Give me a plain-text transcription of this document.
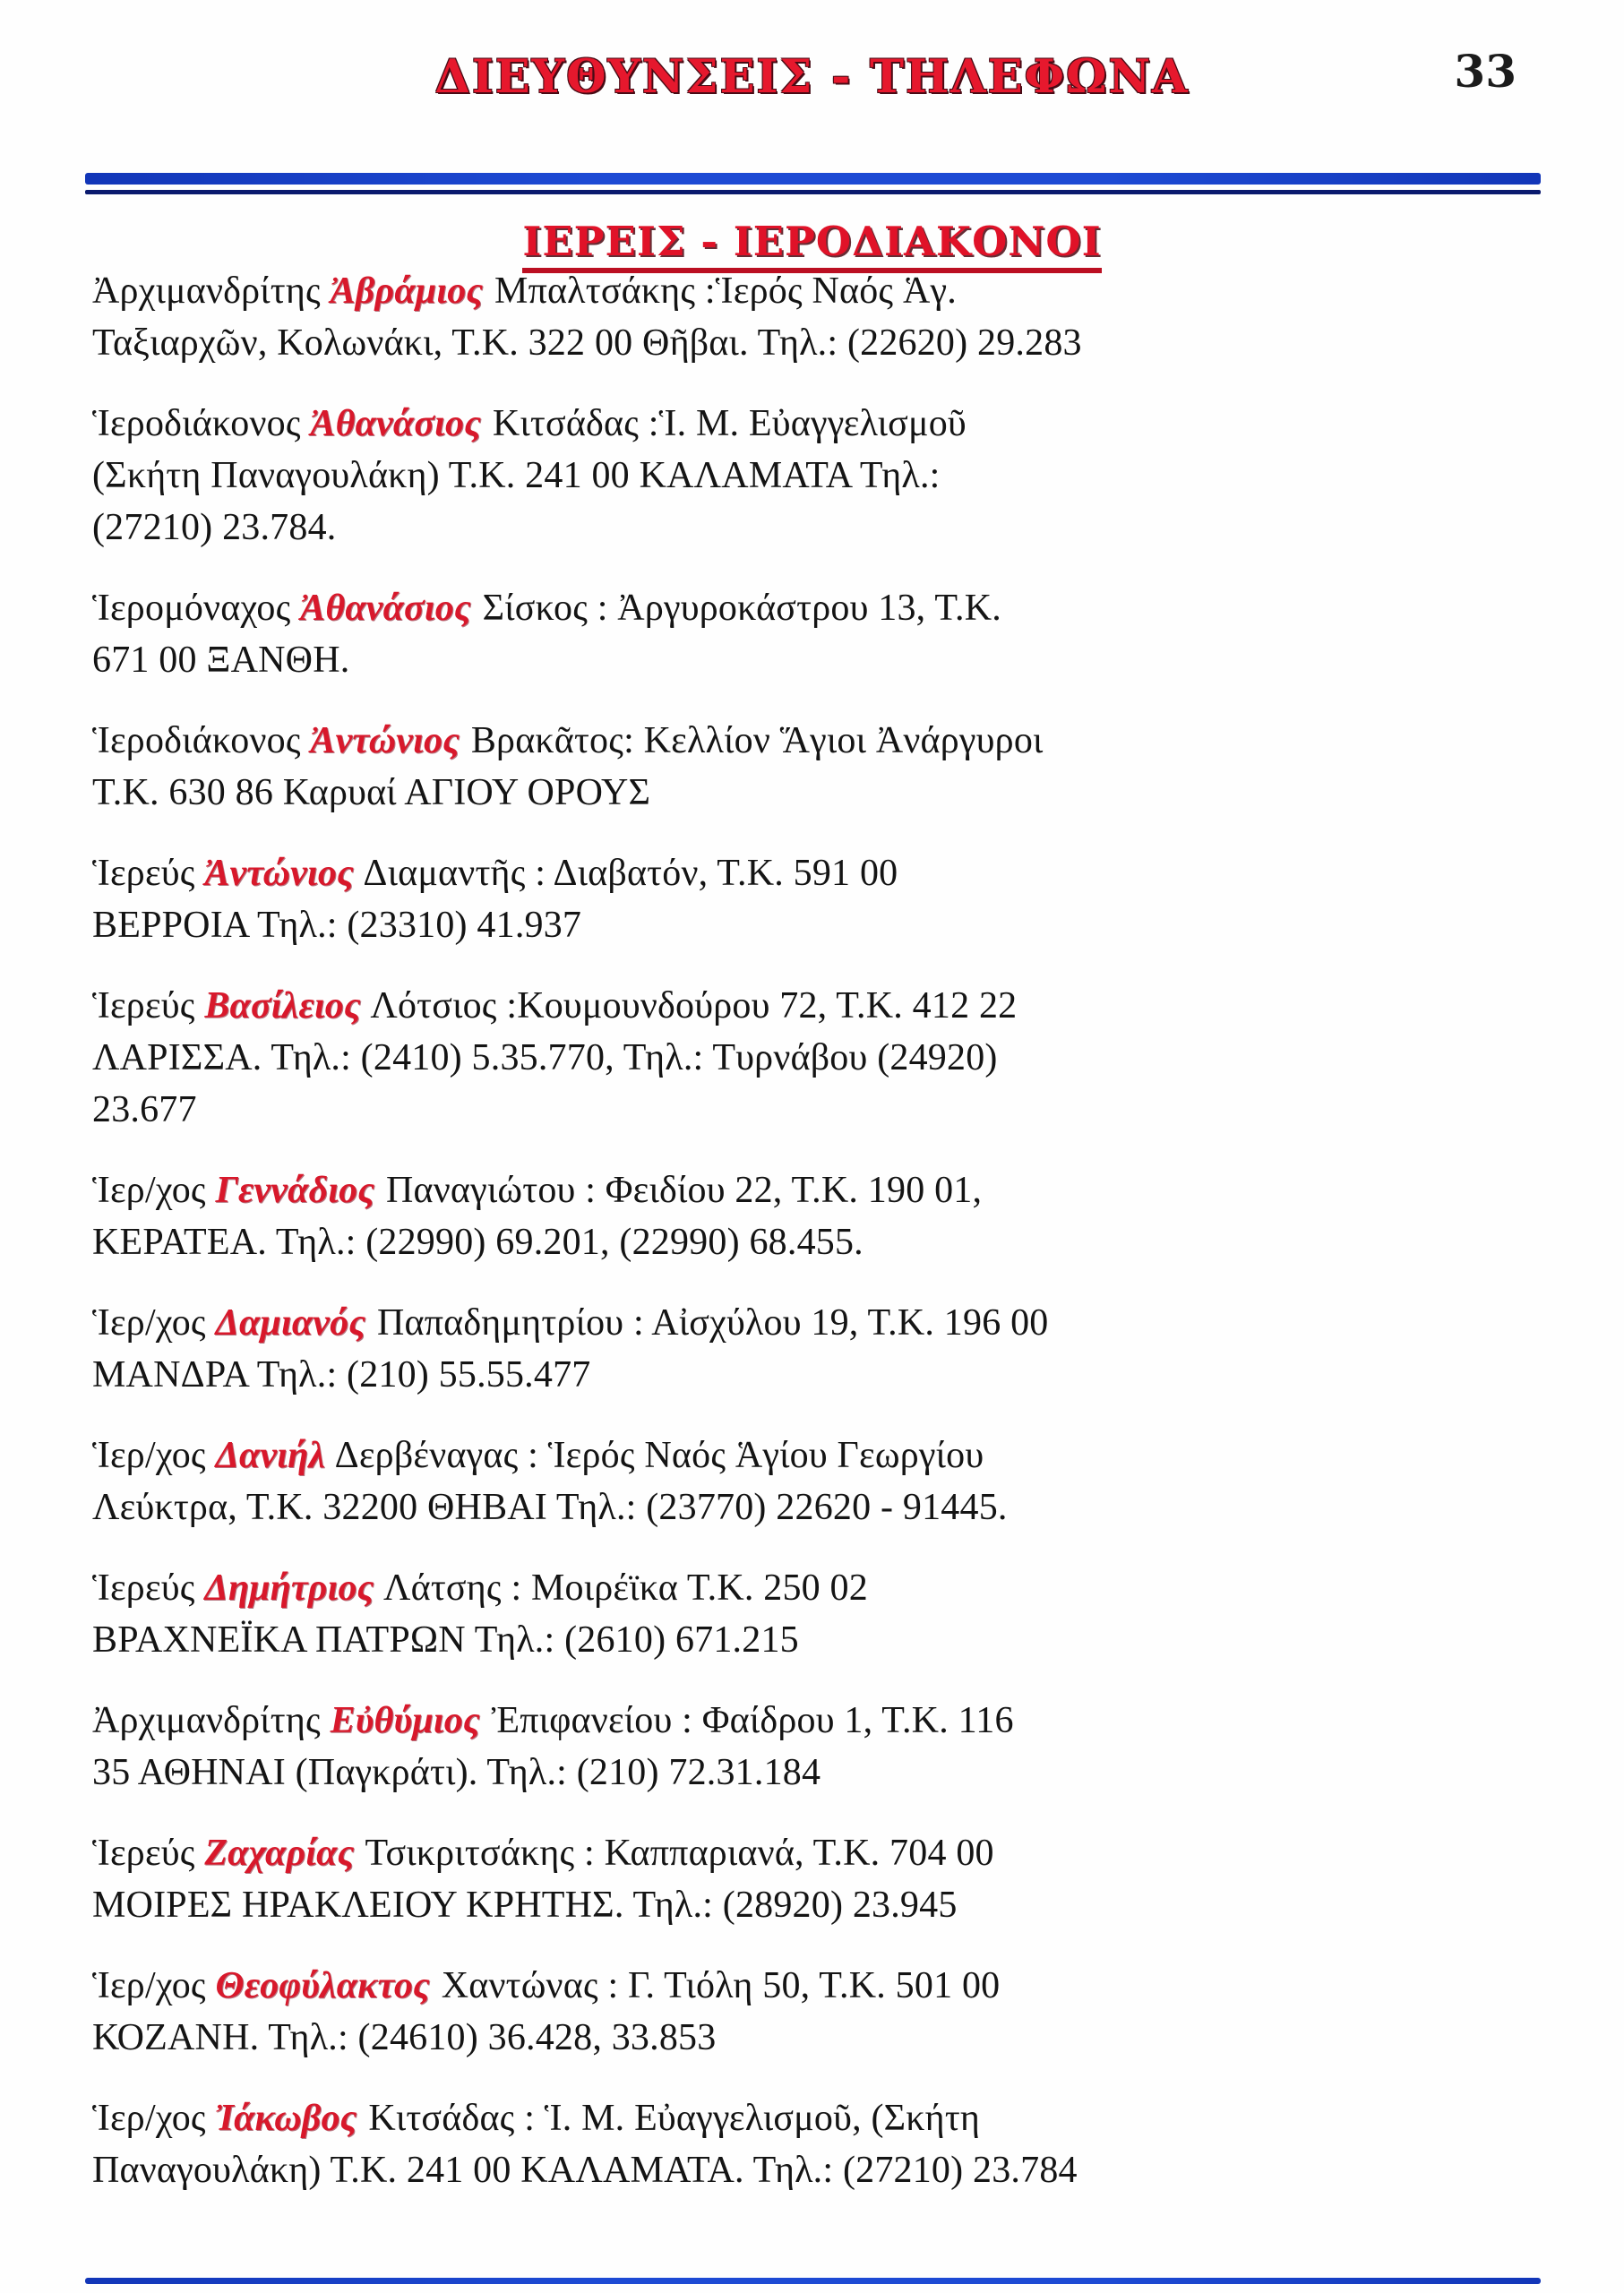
ΔΙΕΥΘΥΝΣΕΙΣ - ΤΗΛΕΦΩΝΑ	33
ΙΕΡΕΙΣ - ΙΕΡΟΔΙΑΚΟΝΟΙ

Ἀρχιμανδρίτης Ἀβράμιος Μπαλτσάκης :Ἱερός Ναός Ἁγ.
Ταξιαρχῶν, Κολωνάκι, Τ.Κ. 322 00 Θῆβαι. Τηλ.: (22620) 29.283

Ἱεροδιάκονος Ἀθανάσιος Κιτσάδας :Ἱ. Μ. Εὐαγγελισμοῦ
(Σκήτη Παναγουλάκη) Τ.Κ. 241 00 ΚΑΛΑΜΑΤΑ Τηλ.:
(27210) 23.784.

Ἱερομόναχος Ἀθανάσιος Σίσκος : Ἀργυροκάστρου 13, Τ.Κ.
671 00 ΞΑΝΘΗ.

Ἱεροδιάκονος Ἀντώνιος Βρακᾶτος: Κελλίον Ἅγιοι Ἀνάργυροι
Τ.Κ. 630 86 Καρυαί ΑΓΙΟΥ ΟΡΟΥΣ

Ἱερεύς Ἀντώνιος Διαμαντῆς : Διαβατόν, Τ.Κ. 591 00
ΒΕΡΡΟΙΑ Τηλ.: (23310) 41.937

Ἱερεύς Βασίλειος Λότσιος :Κουμουνδούρου 72, Τ.Κ. 412 22
ΛΑΡΙΣΣΑ. Τηλ.: (2410) 5.35.770, Τηλ.: Τυρνάβου (24920)
23.677

Ἱερ/χος Γεννάδιος Παναγιώτου : Φειδίου 22, Τ.Κ. 190 01,
ΚΕΡΑΤΕΑ. Τηλ.: (22990) 69.201, (22990) 68.455.

Ἱερ/χος Δαμιανός Παπαδημητρίου : Αἰσχύλου 19, Τ.Κ. 196 00
ΜΑΝΔΡΑ Τηλ.: (210) 55.55.477

Ἱερ/χος Δανιήλ Δερβέναγας : Ἱερός Ναός Ἁγίου Γεωργίου
Λεύκτρα, Τ.Κ. 32200 ΘΗΒΑΙ Τηλ.: (23770) 22620 - 91445.

Ἱερεύς Δημήτριος Λάτσης : Μοιρέϊκα Τ.Κ. 250 02
ΒΡΑΧΝΕΪΚΑ ΠΑΤΡΩΝ Τηλ.: (2610) 671.215

Ἀρχιμανδρίτης Εὐθύμιος Ἐπιφανείου : Φαίδρου 1, Τ.Κ. 116
35 ΑΘΗΝΑΙ (Παγκράτι). Τηλ.: (210) 72.31.184

Ἱερεύς Ζαχαρίας Τσικριτσάκης : Καππαριανά, Τ.Κ. 704 00
ΜΟΙΡΕΣ ΗΡΑΚΛΕΙΟΥ ΚΡΗΤΗΣ. Τηλ.: (28920) 23.945

Ἱερ/χος Θεοφύλακτος Χαντώνας : Γ. Τιόλη 50, Τ.Κ. 501 00
ΚΟΖΑΝΗ. Τηλ.: (24610) 36.428, 33.853

Ἱερ/χος Ἰάκωβος Κιτσάδας : Ἱ. Μ. Εὐαγγελισμοῦ, (Σκήτη
Παναγουλάκη) Τ.Κ. 241 00 ΚΑΛΑΜΑΤΑ. Τηλ.: (27210) 23.784
